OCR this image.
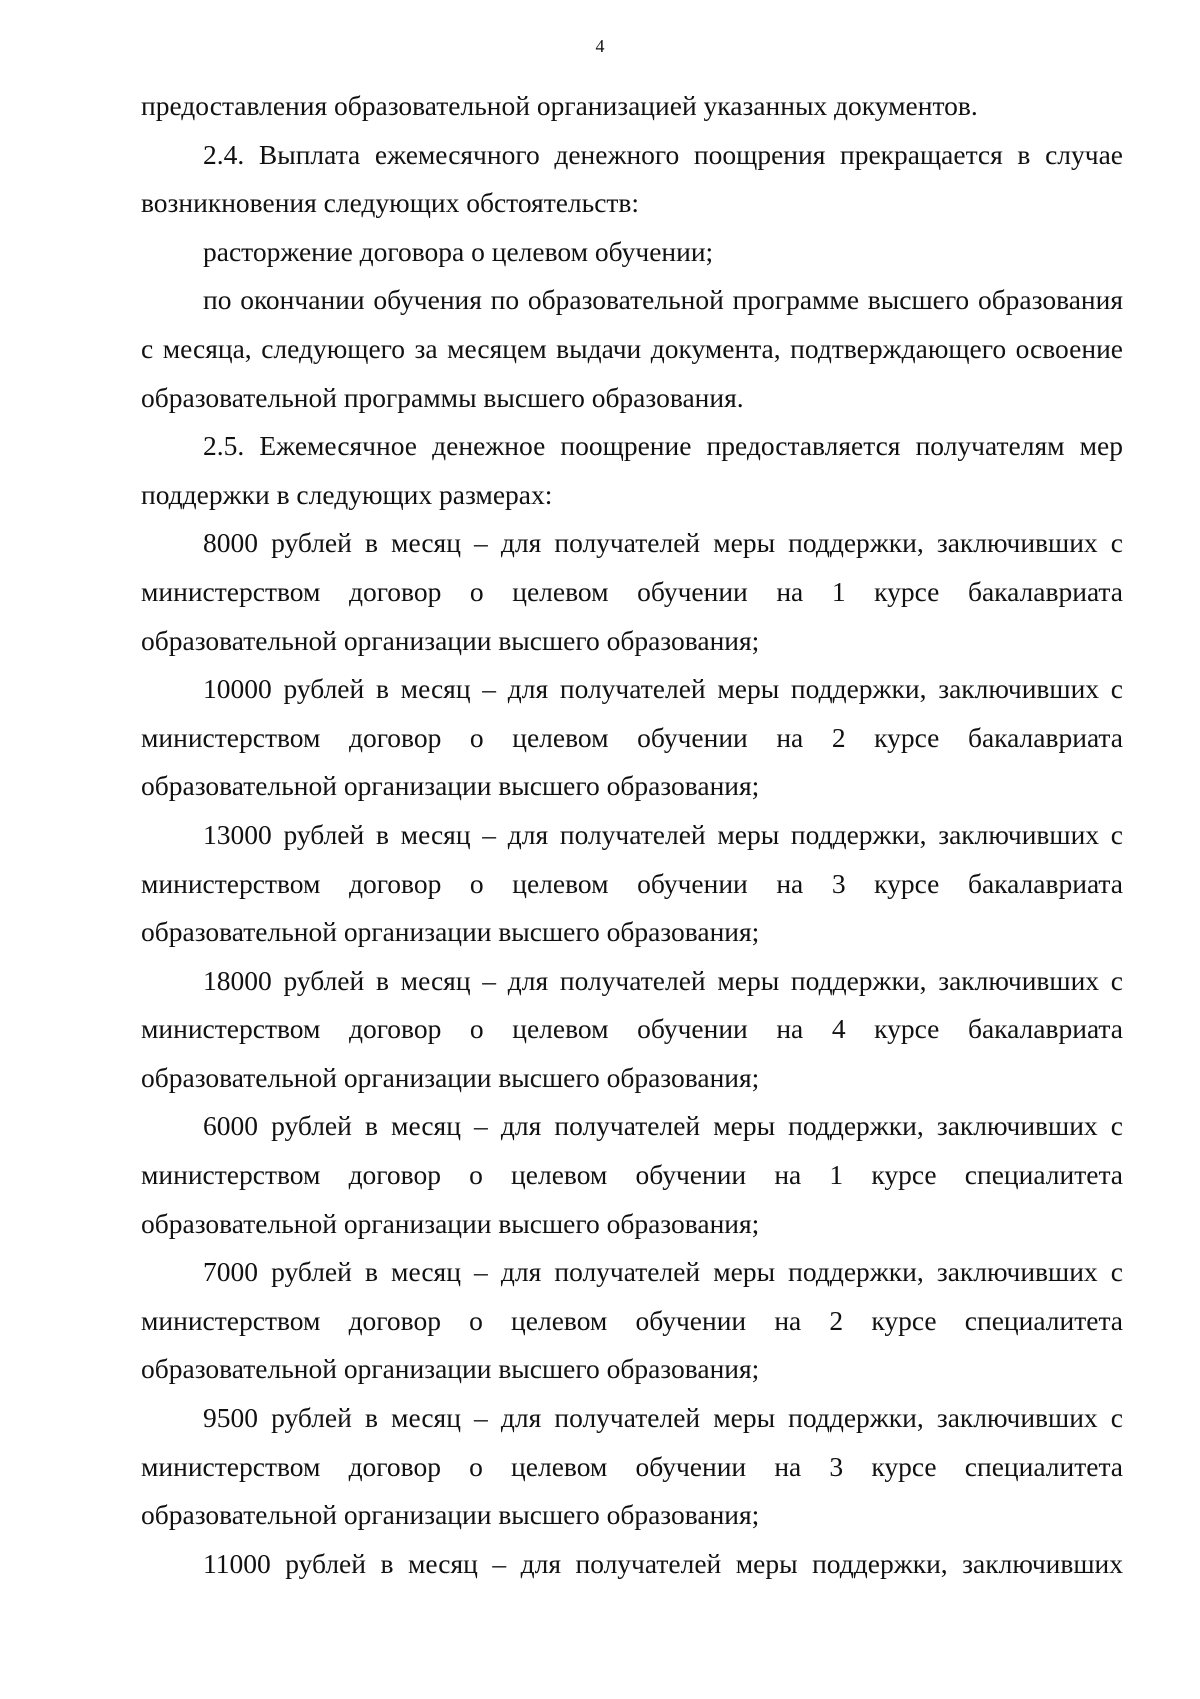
4

предоставления образовательной организацией указанных документов.

2.4. Выплата ежемесячного денежного поощрения прекращается в случае возникновения следующих обстоятельств:

расторжение договора о целевом обучении;

по окончании обучения по образовательной программе высшего образования с месяца, следующего за месяцем выдачи документа, подтверждающего освоение образовательной программы высшего образования.

2.5. Ежемесячное денежное поощрение предоставляется получателям мер поддержки в следующих размерах:

8000 рублей в месяц – для получателей меры поддержки, заключивших с министерством договор о целевом обучении на 1 курсе бакалавриата образовательной организации высшего образования;

10000 рублей в месяц – для получателей меры поддержки, заключивших с министерством договор о целевом обучении на 2 курсе бакалавриата образовательной организации высшего образования;

13000 рублей в месяц – для получателей меры поддержки, заключивших с министерством договор о целевом обучении на 3 курсе бакалавриата образовательной организации высшего образования;

18000 рублей в месяц – для получателей меры поддержки, заключивших с министерством договор о целевом обучении на 4 курсе бакалавриата образовательной организации высшего образования;

6000 рублей в месяц – для получателей меры поддержки, заключивших с министерством договор о целевом обучении на 1 курсе специалитета образовательной организации высшего образования;

7000 рублей в месяц – для получателей меры поддержки, заключивших с министерством договор о целевом обучении на 2 курсе специалитета образовательной организации высшего образования;

9500 рублей в месяц – для получателей меры поддержки, заключивших с министерством договор о целевом обучении на 3 курсе специалитета образовательной организации высшего образования;

11000 рублей в месяц – для получателей меры поддержки, заключивших
